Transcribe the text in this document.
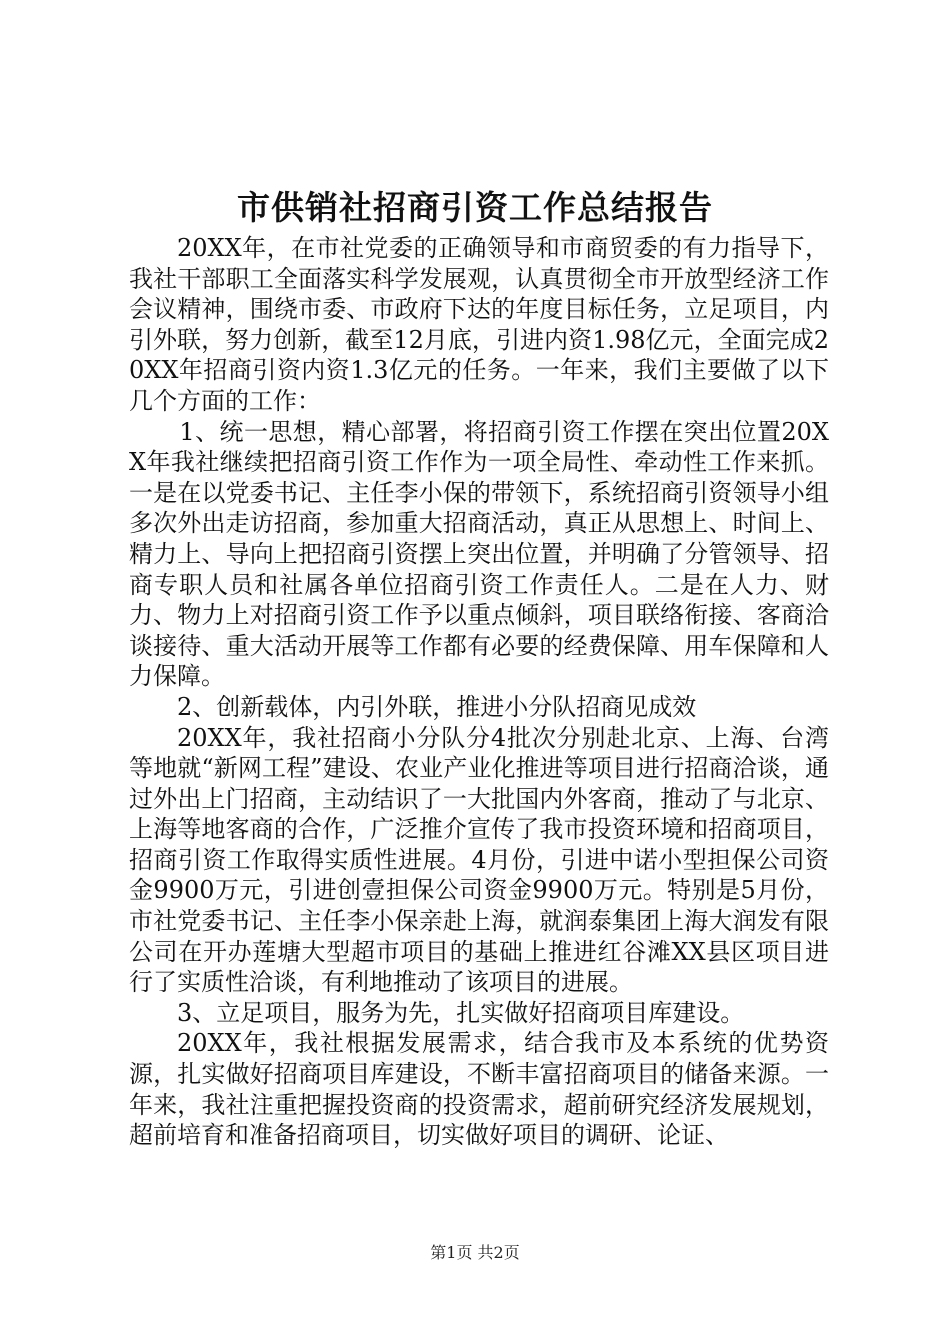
市供销社招商引资工作总结报告

20XX年，在市社党委的正确领导和市商贸委的有力指导下，我社干部职工全面落实科学发展观，认真贯彻全市开放型经济工作会议精神，围绕市委、市政府下达的年度目标任务，立足项目，内引外联，努力创新，截至12月底，引进内资1.98亿元，全面完成20XX年招商引资内资1.3亿元的任务。一年来，我们主要做了以下几个方面的工作：

1、统一思想，精心部署，将招商引资工作摆在突出位置20XX年我社继续把招商引资工作作为一项全局性、牵动性工作来抓。一是在以党委书记、主任李小保的带领下，系统招商引资领导小组多次外出走访招商，参加重大招商活动，真正从思想上、时间上、精力上、导向上把招商引资摆上突出位置，并明确了分管领导、招商专职人员和社属各单位招商引资工作责任人。二是在人力、财力、物力上对招商引资工作予以重点倾斜，项目联络衔接、客商洽谈接待、重大活动开展等工作都有必要的经费保障、用车保障和人力保障。

2、创新载体，内引外联，推进小分队招商见成效

20XX年，我社招商小分队分4批次分别赴北京、上海、台湾等地就“新网工程”建设、农业产业化推进等项目进行招商洽谈，通过外出上门招商，主动结识了一大批国内外客商，推动了与北京、上海等地客商的合作，广泛推介宣传了我市投资环境和招商项目，招商引资工作取得实质性进展。4月份，引进中诺小型担保公司资金9900万元，引进创壹担保公司资金9900万元。特别是5月份，市社党委书记、主任李小保亲赴上海，就润泰集团上海大润发有限公司在开办莲塘大型超市项目的基础上推进红谷滩XX县区项目进行了实质性洽谈，有利地推动了该项目的进展。

3、立足项目，服务为先，扎实做好招商项目库建设。

20XX年，我社根据发展需求，结合我市及本系统的优势资源，扎实做好招商项目库建设，不断丰富招商项目的储备来源。一年来，我社注重把握投资商的投资需求，超前研究经济发展规划，超前培育和准备招商项目，切实做好项目的调研、论证、

第1页 共2页
